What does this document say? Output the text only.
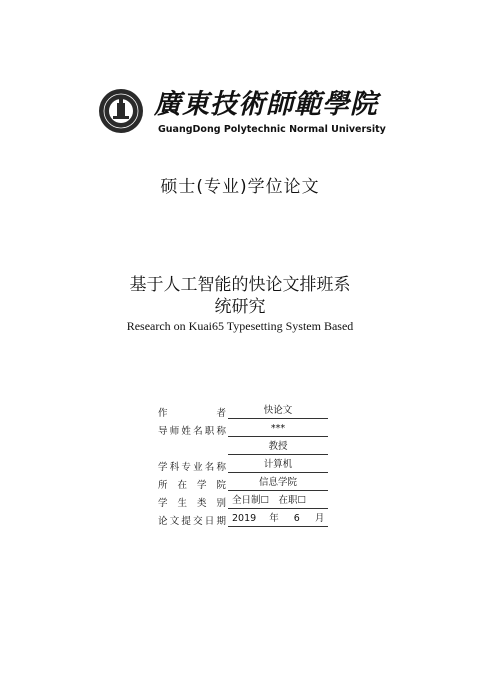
廣東技術師範學院
GuangDong Polytechnic Normal University
硕士(专业)学位论文
基于人工智能的快论文排班系
统研究
Research on Kuai65 Typesetting System Based
作　者	快论文
导师姓名职称	***
教授
学科专业名称	计算机
所在学院	信息学院
学生类别 全日制☐　在职☐
论文提交日期 2019 年 6 月
